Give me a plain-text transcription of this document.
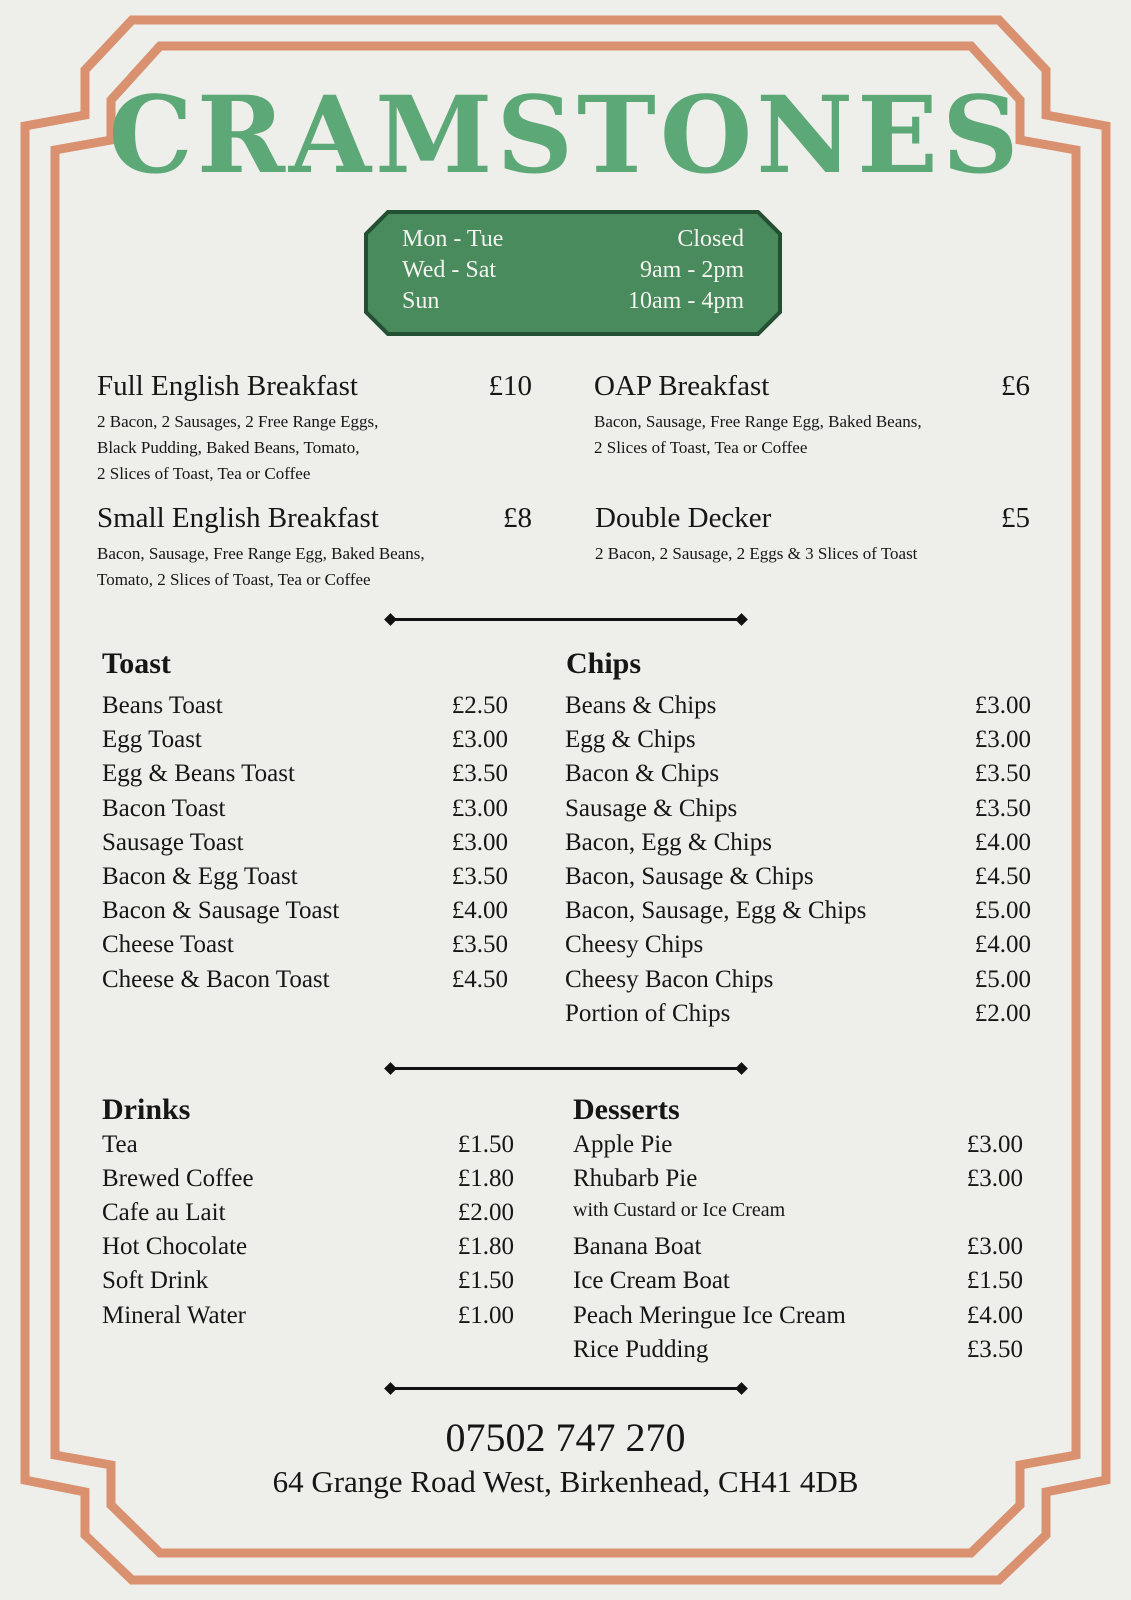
CRAMSTONES
Mon - Tue	Closed
Wed - Sat	9am - 2pm
Sun	10am - 4pm
Full English Breakfast	£10
2 Bacon, 2 Sausages, 2 Free Range Eggs,
Black Pudding, Baked Beans, Tomato,
2 Slices of Toast, Tea or Coffee
OAP Breakfast	£6
Bacon, Sausage, Free Range Egg, Baked Beans,
2 Slices of Toast, Tea or Coffee
Small English Breakfast	£8
Bacon, Sausage, Free Range Egg, Baked Beans,
Tomato, 2 Slices of Toast, Tea or Coffee
Double Decker	£5
2 Bacon, 2 Sausage, 2 Eggs & 3 Slices of Toast
Toast
Beans Toast	£2.50
Egg Toast	£3.00
Egg & Beans Toast	£3.50
Bacon Toast	£3.00
Sausage Toast	£3.00
Bacon & Egg Toast	£3.50
Bacon & Sausage Toast	£4.00
Cheese Toast	£3.50
Cheese & Bacon Toast	£4.50
Chips
Beans & Chips	£3.00
Egg & Chips	£3.00
Bacon & Chips	£3.50
Sausage & Chips	£3.50
Bacon, Egg & Chips	£4.00
Bacon, Sausage & Chips	£4.50
Bacon, Sausage, Egg & Chips	£5.00
Cheesy Chips	£4.00
Cheesy Bacon Chips	£5.00
Portion of Chips	£2.00
Drinks
Tea	£1.50
Brewed Coffee	£1.80
Cafe au Lait	£2.00
Hot Chocolate	£1.80
Soft Drink	£1.50
Mineral Water	£1.00
Desserts
Apple Pie	£3.00
Rhubarb Pie	£3.00
with Custard or Ice Cream
Banana Boat	£3.00
Ice Cream Boat	£1.50
Peach Meringue Ice Cream	£4.00
Rice Pudding	£3.50
07502 747 270
64 Grange Road West, Birkenhead, CH41 4DB
